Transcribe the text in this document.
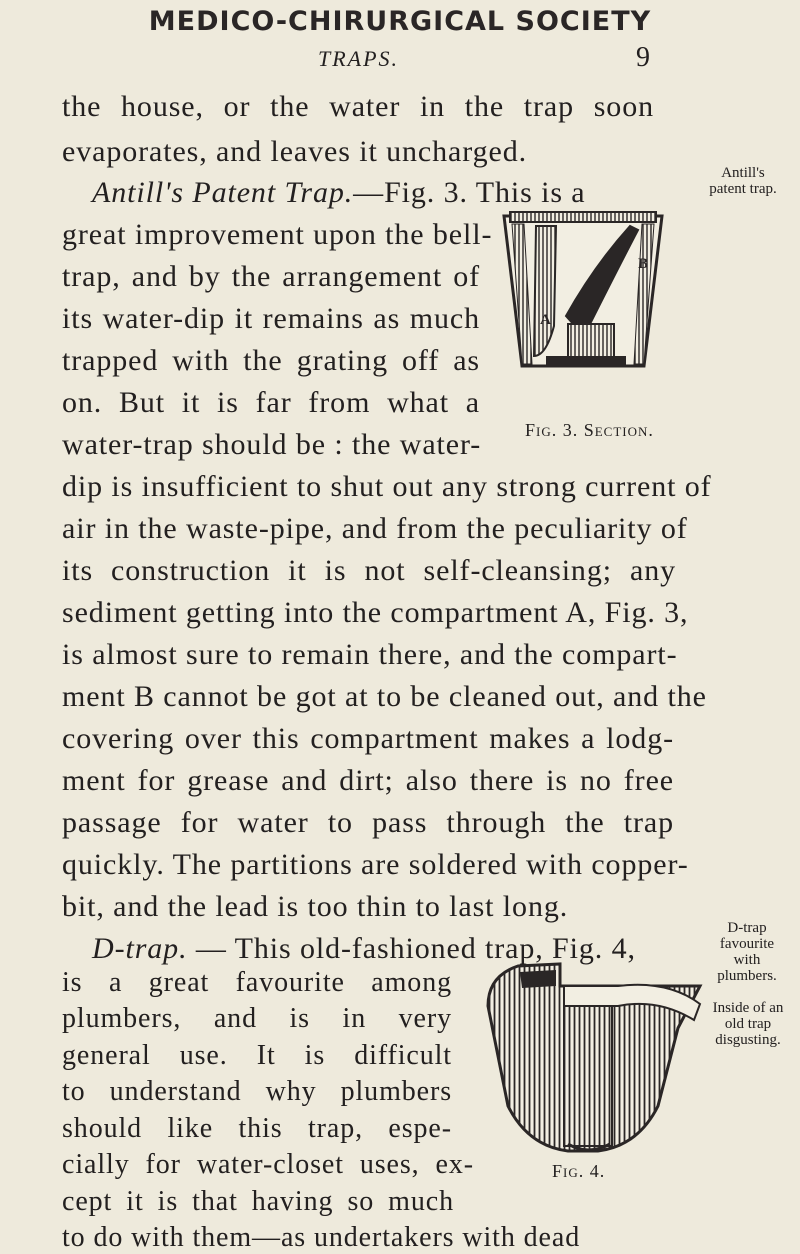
MEDICO-CHIRURGICAL SOCIETY
TRAPS.	9
the house, or the water in the trap soon
evaporates, and leaves it uncharged.
Antill's Patent Trap.—Fig. 3. This is a
great improvement upon the bell-
trap, and by the arrangement of
its water-dip it remains as much
trapped with the grating off as
on. But it is far from what a
water-trap should be : the water-
dip is insufficient to shut out any strong current of
air in the waste-pipe, and from the peculiarity of
its construction it is not self-cleansing; any
sediment getting into the compartment A, Fig. 3,
is almost sure to remain there, and the compart-
ment B cannot be got at to be cleaned out, and the
covering over this compartment makes a lodg-
ment for grease and dirt; also there is no free
passage for water to pass through the trap
quickly. The partitions are soldered with copper-
bit, and the lead is too thin to last long.
D-trap. — This old-fashioned trap, Fig. 4,
Antill's patent trap.
D-trap favourite with plumbers.
Inside of an old trap disgusting.
A
B
Fig. 3. Section.
Fig. 4.
is a great favourite among
plumbers, and is in very
general use. It is difficult
to understand why plumbers
should like this trap, espe-
cially for water-closet uses, ex-
cept it is that having so much
to do with them—as undertakers with dead
